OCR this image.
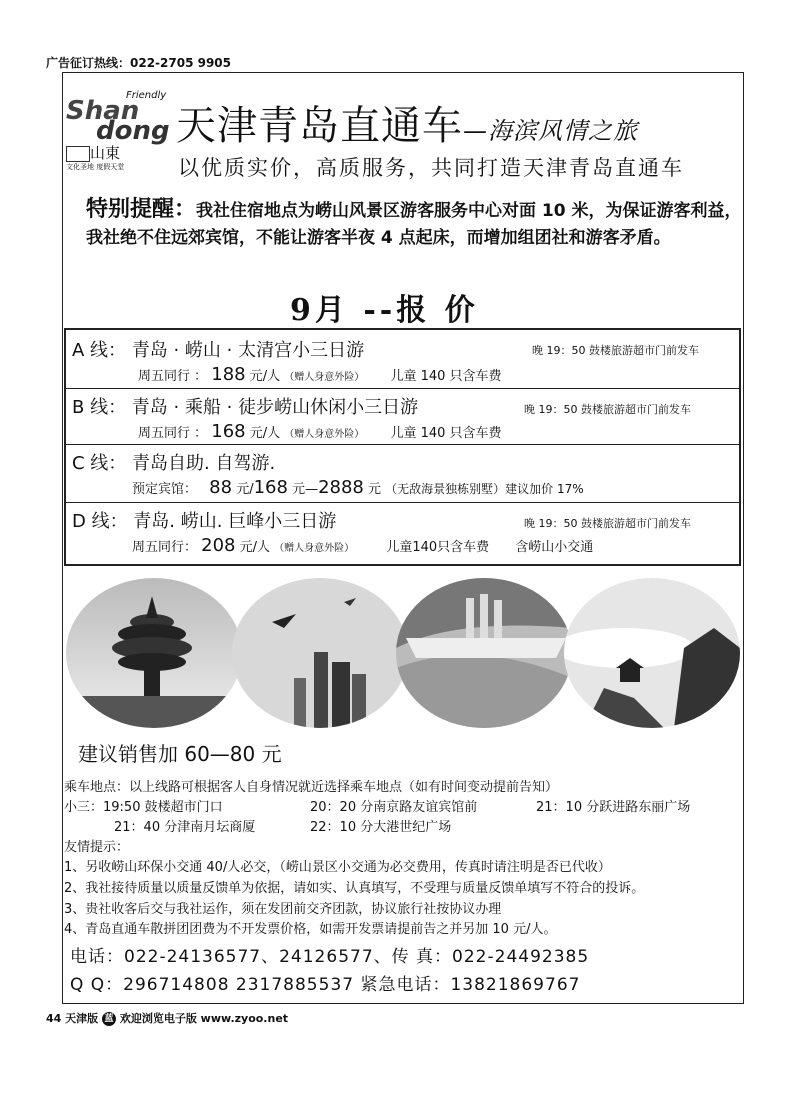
广告征订热线：022-2705 9905
Friendly
Shan
dong
山東
文化圣地 度假天堂
天津青岛直通车—海滨风情之旅
以优质实价，高质服务，共同打造天津青岛直通车
特别提醒：我社住宿地点为崂山风景区游客服务中心对面 10 米，为保证游客利益，我社绝不住远郊宾馆，不能让游客半夜 4 点起床，而增加组团社和游客矛盾。
9月 --报 价
A 线： 青岛 · 崂山 · 太清宫小三日游	晚 19：50 鼓楼旅游超市门前发车
周五同行 ： 188 元/人 （赠人身意外险） 儿童 140 只含车费
B 线： 青岛 · 乘船 · 徒步崂山休闲小三日游	晚 19：50 鼓楼旅游超市门前发车
周五同行 ： 168 元/人 （赠人身意外险） 儿童 140 只含车费
C 线： 青岛自助. 自驾游.
预定宾馆： 88 元/168 元—2888 元 （无敌海景独栋别墅）建议加价 17%
D 线： 青岛. 崂山. 巨峰小三日游	晚 19：50 鼓楼旅游超市门前发车
周五同行： 208 元/人 （赠人身意外险） 儿童140只含车费 含崂山小交通
建议销售加 60—80 元
乘车地点：以上线路可根据客人自身情况就近选择乘车地点（如有时间变动提前告知）
小三：19:50 鼓楼超市门口	20：20 分南京路友谊宾馆前	21：10 分跃进路东丽广场
21：40 分津南月坛商厦	22：10 分大港世纪广场
友情提示：
1、另收崂山环保小交通 40/人必交，（崂山景区小交通为必交费用，传真时请注明是否已代收）
2、我社接待质量以质量反馈单为依据，请如实、认真填写，不受理与质量反馈单填写不符合的投诉。
3、贵社收客后交与我社运作，须在发团前交齐团款，协议旅行社按协议办理
4、青岛直通车散拼团团费为不开发票价格，如需开发票请提前告之并另加 10 元/人。
电话：022-24136577、24126577、传 真：022-24492385
Q Q：296714808 2317885537 紧急电话：13821869767
44 天津版 蓝 欢迎浏览电子版 www.zyoo.net
